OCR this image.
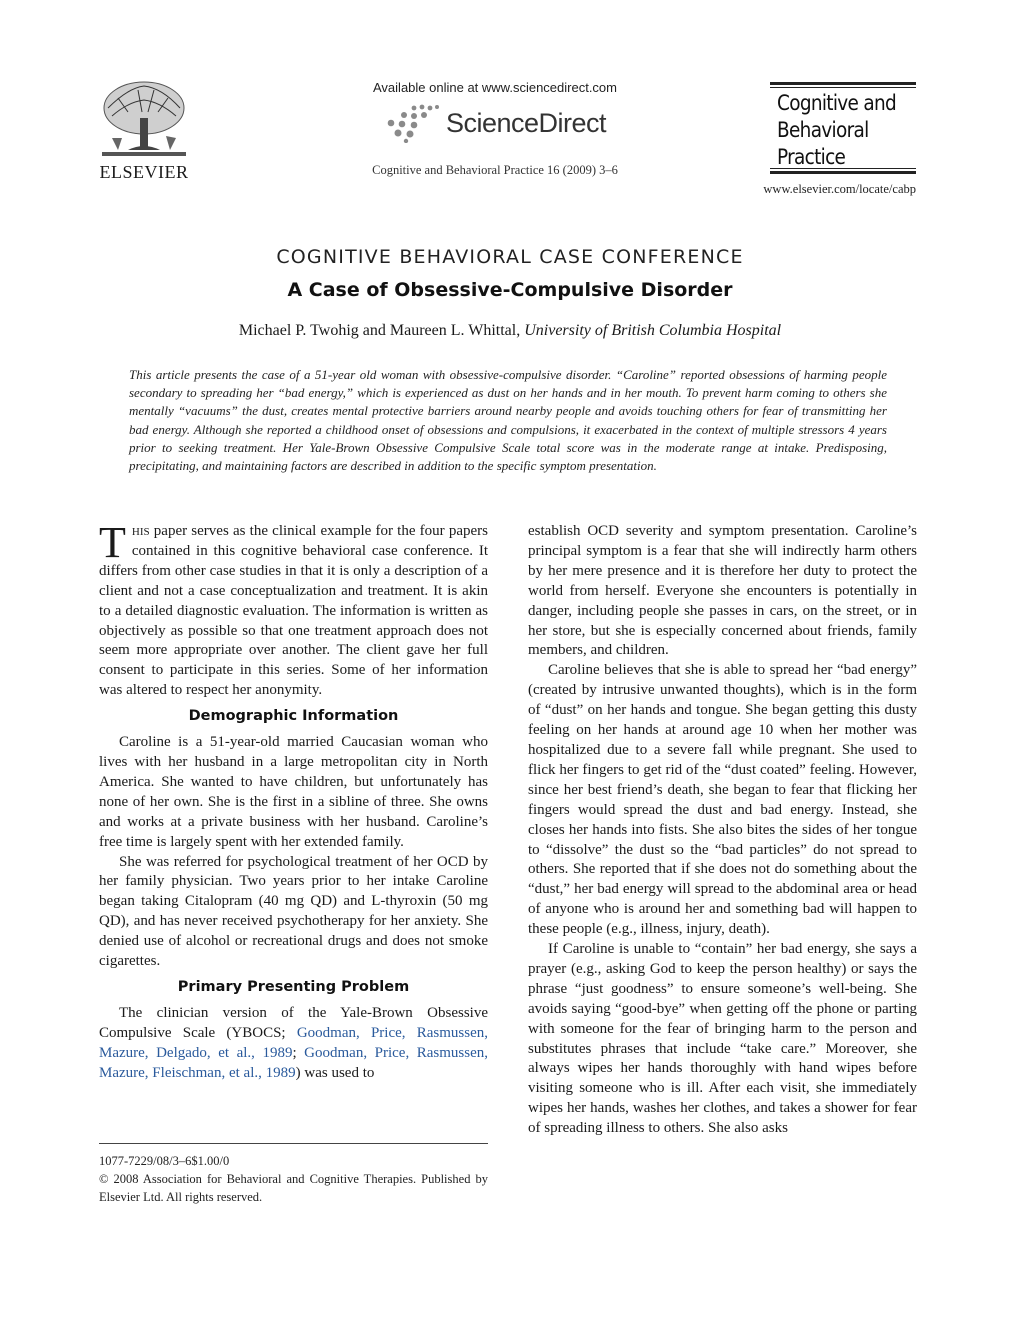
ELSEVIER
Available online at www.sciencedirect.com
ScienceDirect
Cognitive and Behavioral Practice 16 (2009) 3–6
Cognitive and
Behavioral
Practice
www.elsevier.com/locate/cabp
COGNITIVE BEHAVIORAL CASE CONFERENCE
A Case of Obsessive-Compulsive Disorder
Michael P. Twohig and Maureen L. Whittal, University of British Columbia Hospital
This article presents the case of a 51-year old woman with obsessive-compulsive disorder. “Caroline” reported obsessions of harming people secondary to spreading her “bad energy,” which is experienced as dust on her hands and in her mouth. To prevent harm coming to others she mentally “vacuums” the dust, creates mental protective barriers around nearby people and avoids touching others for fear of transmitting her bad energy. Although she reported a childhood onset of obsessions and compulsions, it exacerbated in the context of multiple stressors 4 years prior to seeking treatment. Her Yale-Brown Obsessive Compulsive Scale total score was in the moderate range at intake. Predisposing, precipitating, and maintaining factors are described in addition to the specific symptom presentation.

This paper serves as the clinical example for the four papers contained in this cognitive behavioral case conference. It differs from other case studies in that it is only a description of a client and not a case conceptualization and treatment. It is akin to a detailed diagnostic evaluation. The information is written as objectively as possible so that one treatment approach does not seem more appropriate over another. The client gave her full consent to participate in this series. Some of her information was altered to respect her anonymity.

Demographic Information

Caroline is a 51-year-old married Caucasian woman who lives with her husband in a large metropolitan city in North America. She wanted to have children, but unfortunately has none of her own. She is the first in a sibline of three. She owns and works at a private business with her husband. Caroline’s free time is largely spent with her extended family.

She was referred for psychological treatment of her OCD by her family physician. Two years prior to her intake Caroline began taking Citalopram (40 mg QD) and L-thyroxin (50 mg QD), and has never received psychotherapy for her anxiety. She denied use of alcohol or recreational drugs and does not smoke cigarettes.

Primary Presenting Problem

The clinician version of the Yale-Brown Obsessive Compulsive Scale (YBOCS; Goodman, Price, Rasmussen, Mazure, Delgado, et al., 1989; Goodman, Price, Rasmussen, Mazure, Fleischman, et al., 1989) was used to

1077-7229/08/3–6$1.00/0
© 2008 Association for Behavioral and Cognitive Therapies. Published by Elsevier Ltd. All rights reserved.

establish OCD severity and symptom presentation. Caroline’s principal symptom is a fear that she will indirectly harm others by her mere presence and it is therefore her duty to protect the world from herself. Everyone she encounters is potentially in danger, including people she passes in cars, on the street, or in her store, but she is especially concerned about friends, family members, and children.

Caroline believes that she is able to spread her “bad energy” (created by intrusive unwanted thoughts), which is in the form of “dust” on her hands and tongue. She began getting this dusty feeling on her hands at around age 10 when her mother was hospitalized due to a severe fall while pregnant. She used to flick her fingers to get rid of the “dust coated” feeling. However, since her best friend’s death, she began to fear that flicking her fingers would spread the dust and bad energy. Instead, she closes her hands into fists. She also bites the sides of her tongue to “dissolve” the dust so the “bad particles” do not spread to others. She reported that if she does not do something about the “dust,” her bad energy will spread to the abdominal area or head of anyone who is around her and something bad will happen to these people (e.g., illness, injury, death).

If Caroline is unable to “contain” her bad energy, she says a prayer (e.g., asking God to keep the person healthy) or says the phrase “just goodness” to ensure someone’s well-being. She avoids saying “good-bye” when getting off the phone or parting with someone for the fear of bringing harm to the person and substitutes phrases that include “take care.” Moreover, she always wipes her hands thoroughly with hand wipes before visiting someone who is ill. After each visit, she immediately wipes her hands, washes her clothes, and takes a shower for fear of spreading illness to others. She also asks
